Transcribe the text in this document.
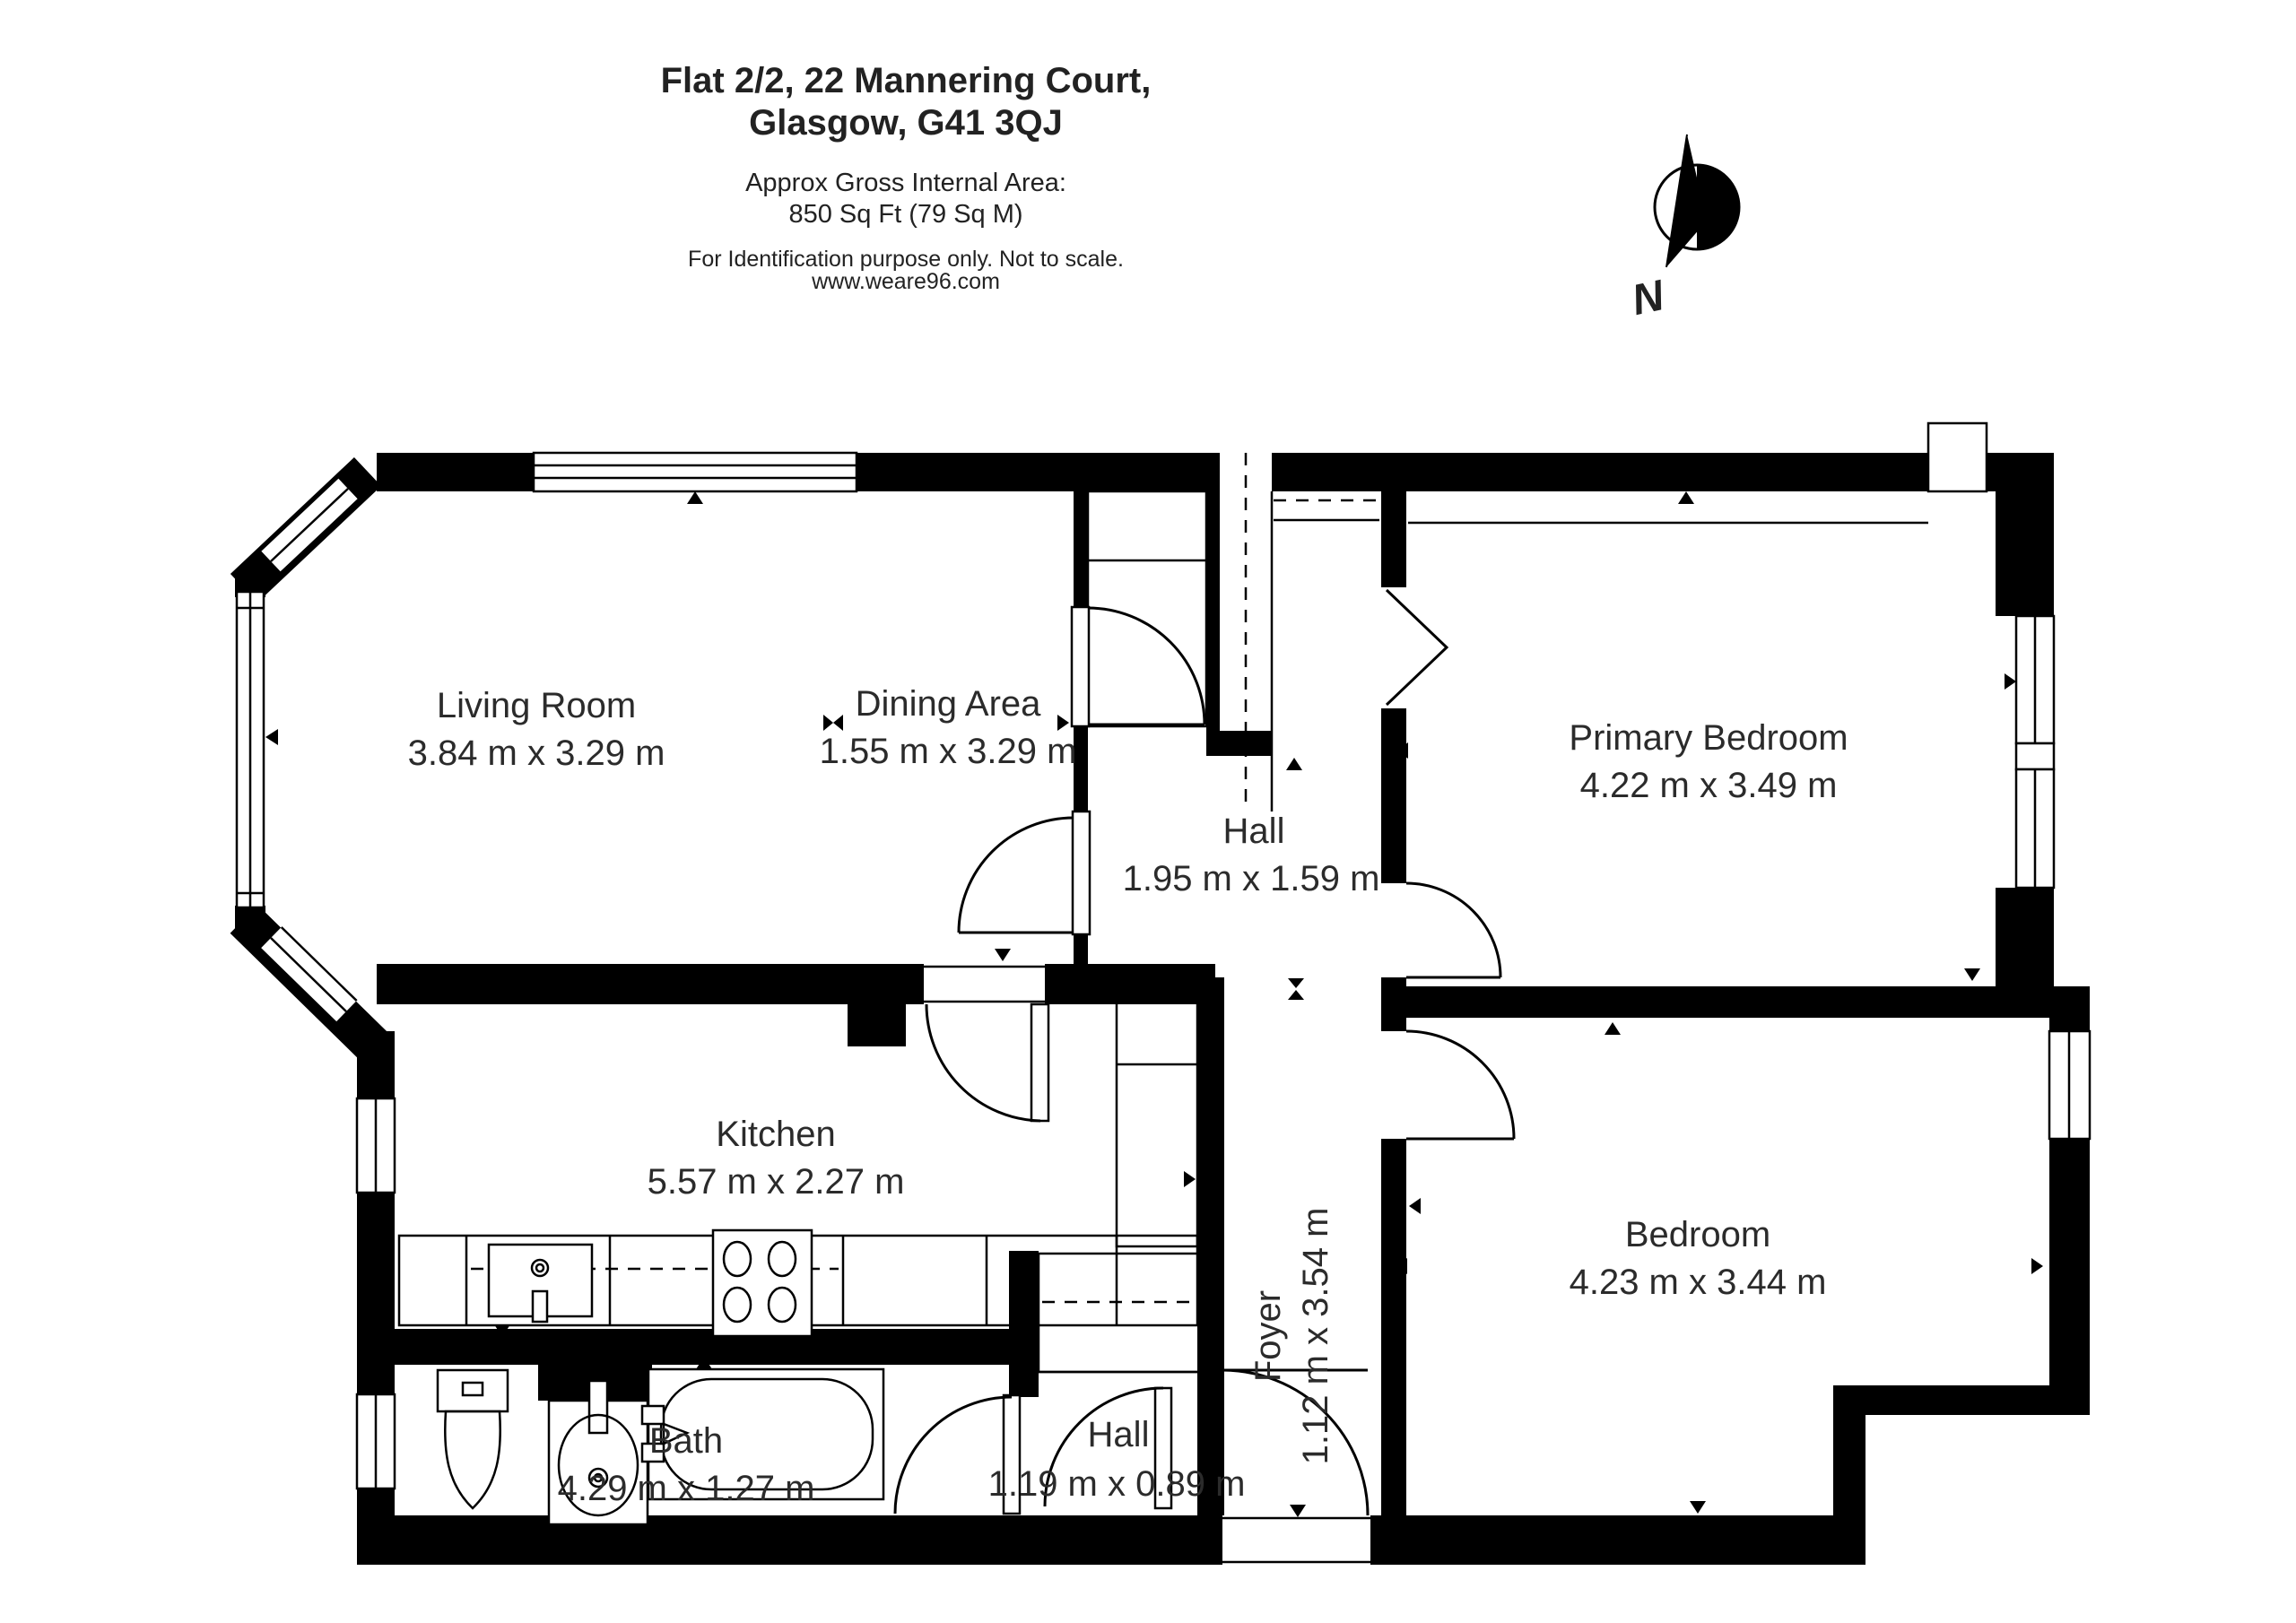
Flat 2/2, 22 Mannering Court,
Glasgow, G41 3QJ
Approx Gross Internal Area:
850 Sq Ft (79 Sq M)
For Identification purpose only. Not to scale.
www.weare96.com	N
Living Room
3.84 m x 3.29 m
Dining Area
1.55 m x 3.29 m
Hall
1.95 m x 1.59 m
Primary Bedroom
4.22 m x 3.49 m
Kitchen
5.57 m x 2.27 m
Bedroom
4.23 m x 3.44 m
Foyer 1.12 m x 3.54 m
Bath
4.29 m x 1.27 m
Hall
1.19 m x 0.89 m
